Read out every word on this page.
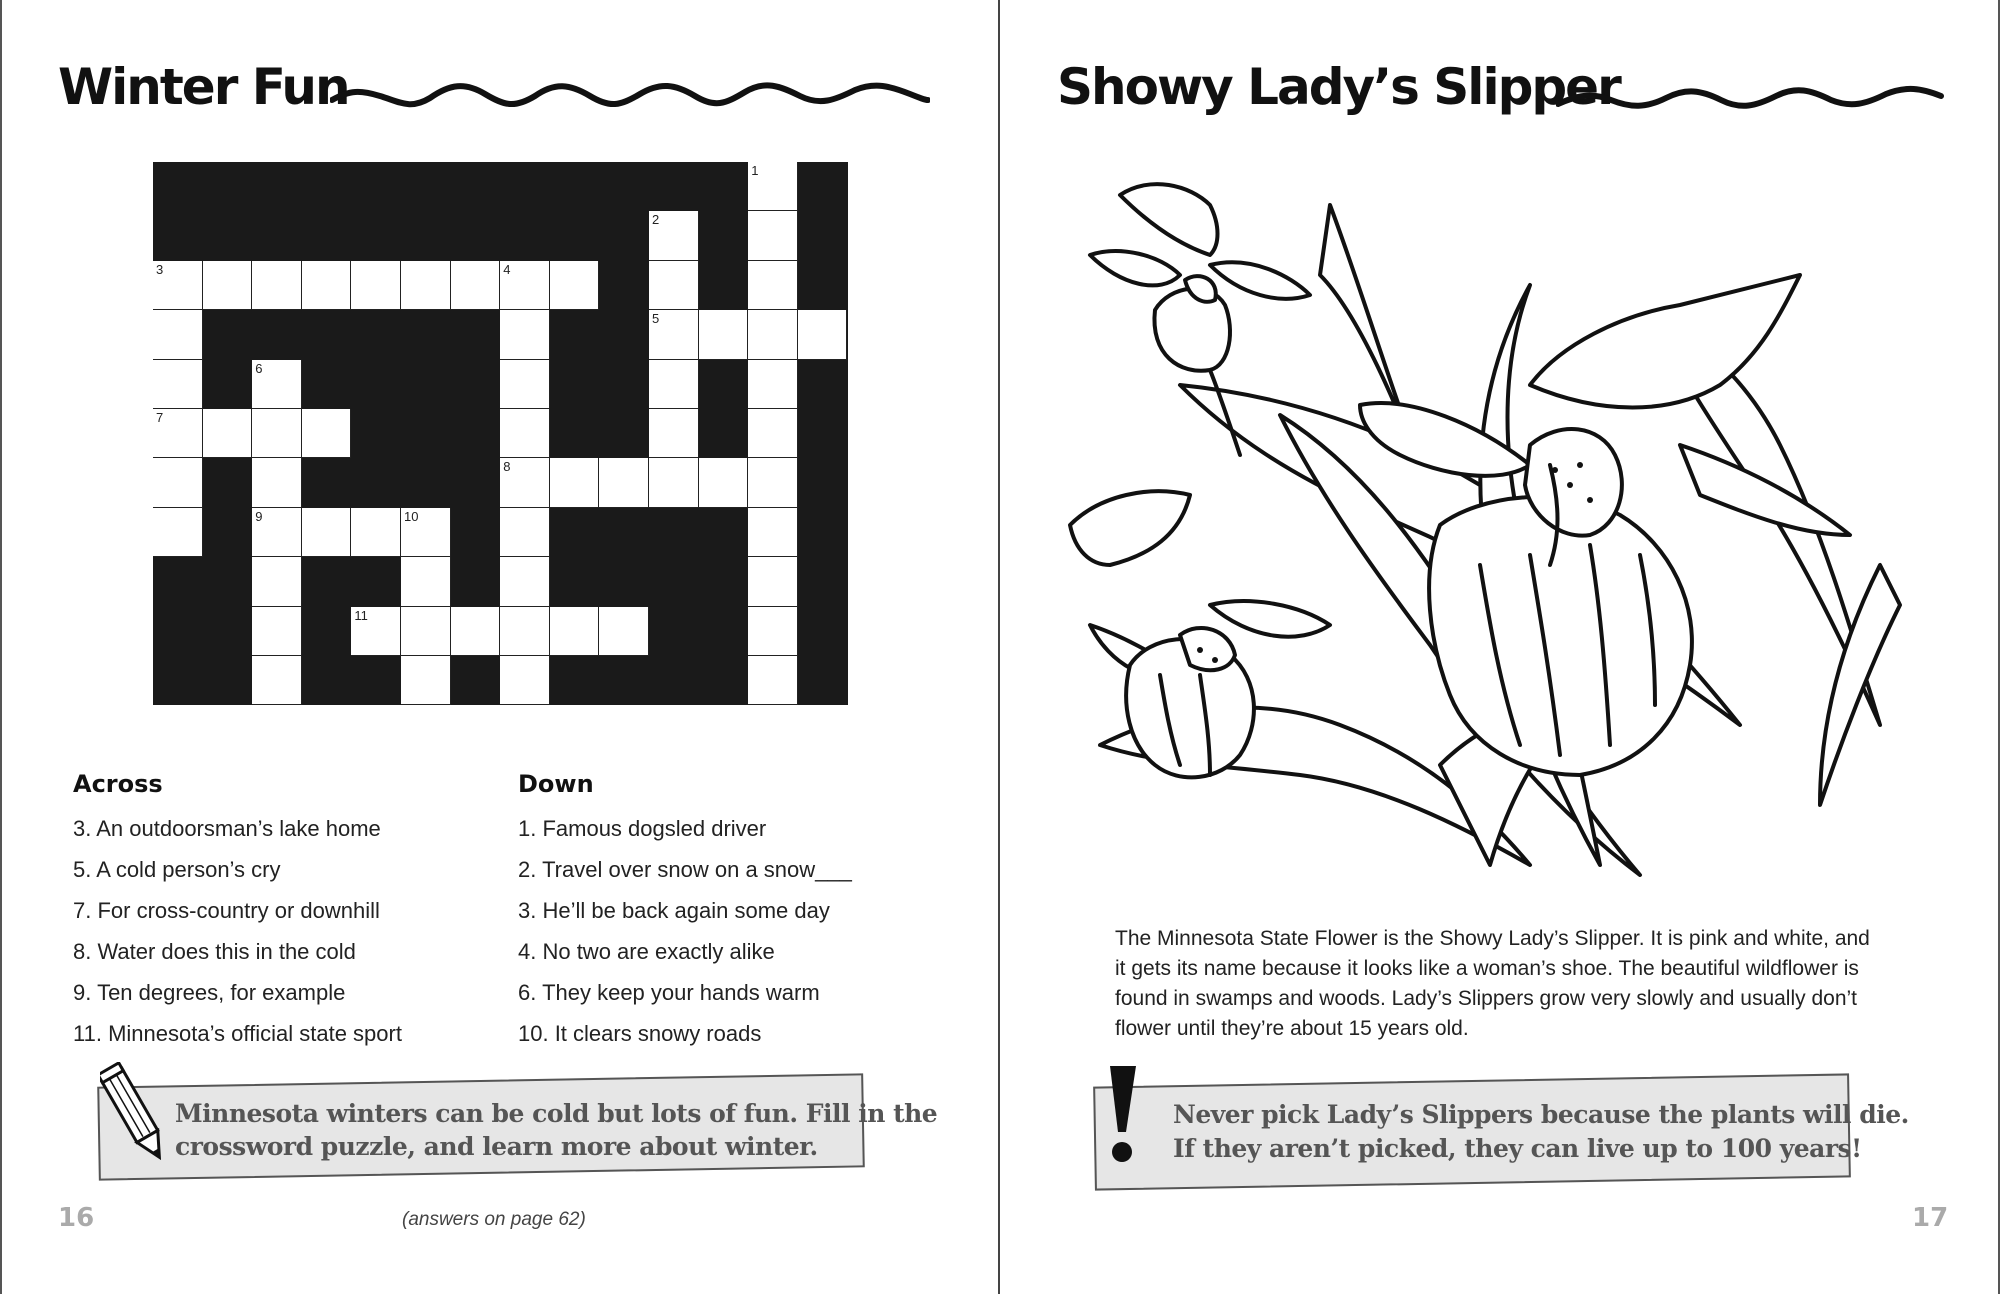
Winter Fun
1
2
5
3	4
7
8
6
9	10
11
Across
3. An outdoorsman’s lake home
5. A cold person’s cry
7. For cross-country or downhill
8. Water does this in the cold
9. Ten degrees, for example
11. Minnesota’s official state sport
Down
1. Famous dogsled driver
2. Travel over snow on a snow___
3. He’ll be back again some day
4. No two are exactly alike
6. They keep your hands warm
10. It clears snowy roads
Minnesota winters can be cold but lots of fun. Fill in the
crossword puzzle, and learn more about winter.
16	(answers on page 62)
Showy Lady’s Slipper
The Minnesota State Flower is the Showy Lady’s Slipper. It is pink and white, and
it gets its name because it looks like a woman’s shoe. The beautiful wildflower is
found in swamps and woods. Lady’s Slippers grow very slowly and usually don’t
flower until they’re about 15 years old.
Never pick Lady’s Slippers because the plants will die.
If they aren’t picked, they can live up to 100 years!
17
